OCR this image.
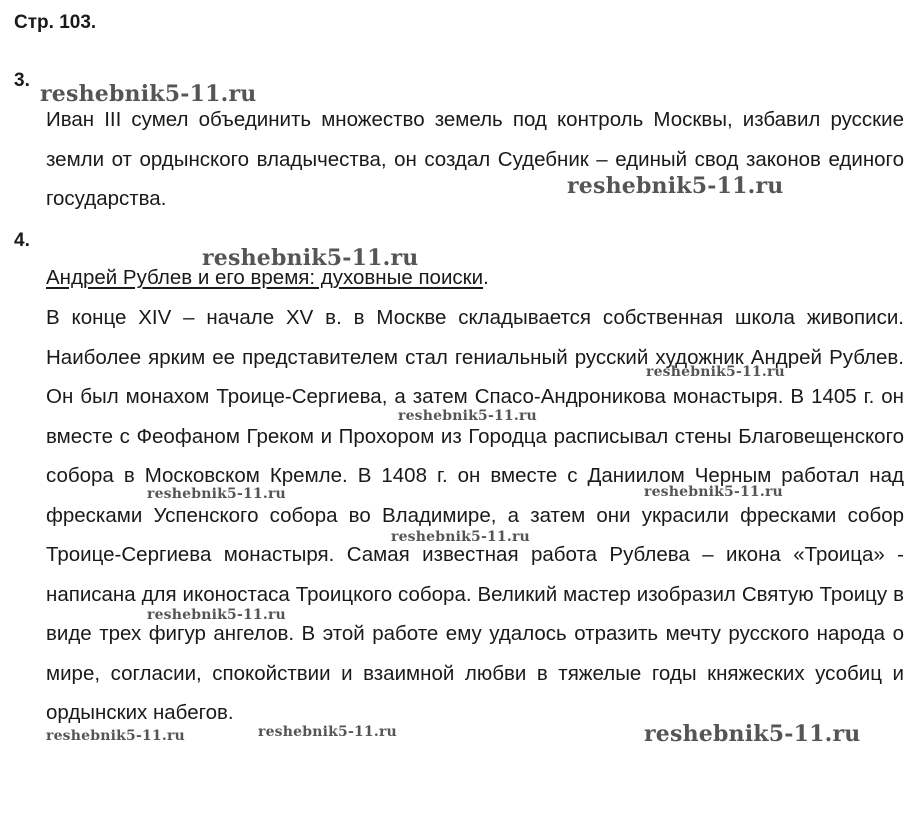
Стр. 103.
3.

Иван III сумел объединить множество земель под контроль Москвы, избавил русские земли от ордынского владычества, он создал Судебник – единый свод законов единого государства.

4.
Андрей Рублев и его время: духовные поиски.

В конце XIV – начале XV в. в Москве складывается собственная школа живописи. Наиболее ярким ее представителем стал гениальный русский художник Андрей Рублев. Он был монахом Троице-Сергиева, а затем Спасо-Андроникова монастыря. В 1405 г. он вместе с Феофаном Греком и Прохором из Городца расписывал стены Благовещенского собора в Московском Кремле. В 1408 г. он вместе с Даниилом Черным работал над фресками Успенского собора во Владимире, а затем они украсили фресками собор Троице-Сергиева монастыря. Самая известная работа Рублева – икона «Троица» - написана для иконостаса Троицкого собора. Великий мастер изобразил Святую Троицу в виде трех фигур ангелов. В этой работе ему удалось отразить мечту русского народа о мире, согласии, спокойствии и взаимной любви в тяжелые годы княжеских усобиц и ордынских набегов.

reshebnik5-11.ru
reshebnik5-11.ru
reshebnik5-11.ru
reshebnik5-11.ru
reshebnik5-11.ru
reshebnik5-11.ru	reshebnik5-11.ru
reshebnik5-11.ru
reshebnik5-11.ru
reshebnik5-11.ru	reshebnik5-11.ru	reshebnik5-11.ru
